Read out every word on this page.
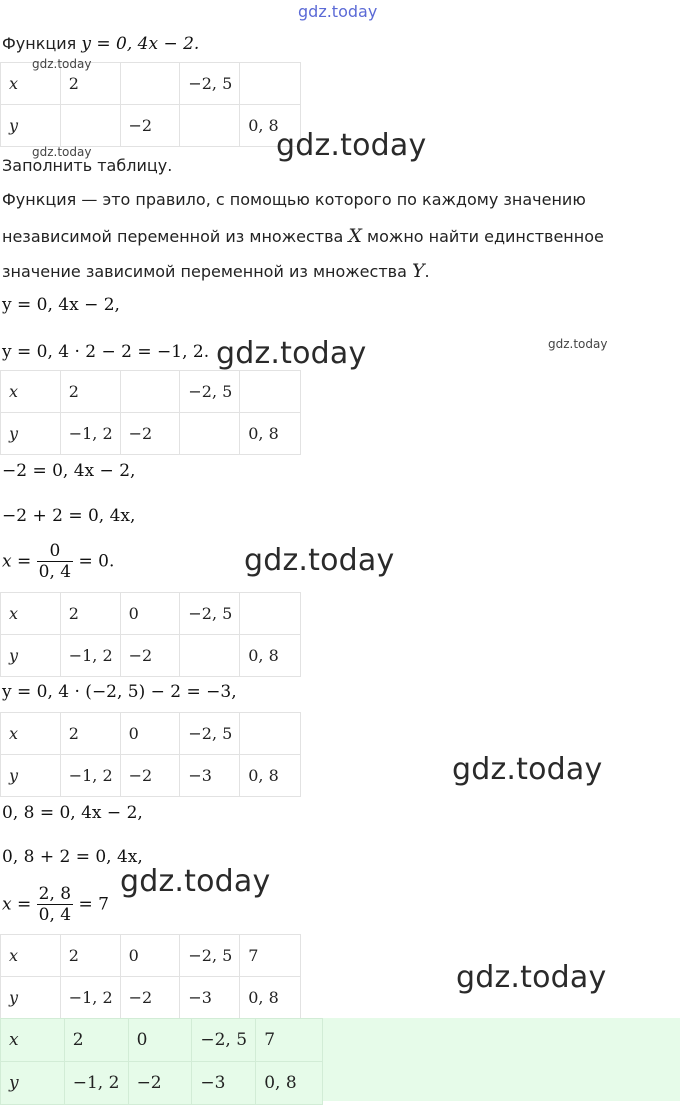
gdz.today
Функция y = 0, 4x − 2.
x	2		−2, 5	
y		−2		0, 8
gdz.today
gdz.today	gdz.today
Заполнить таблицу.
Функция — это правило, с помощью которого по каждому значению
независимой переменной из множества X можно найти единственное
значение зависимой переменной из множества Y.
y = 0, 4x − 2,
y = 0, 4 · 2 − 2 = −1, 2. gdz.today	gdz.today
x	2		−2, 5	
y	−1, 2	−2		0, 8
−2 = 0, 4x − 2,
−2 + 2 = 0, 4x,
$x = \frac{0}{0, 4} = 0$.	gdz.today
x	2	0	−2, 5	
y	−1, 2	−2		0, 8
y = 0, 4 · (−2, 5) − 2 = −3,
x	2	0	−2, 5	
y	−1, 2	−2	−3	0, 8	gdz.today
0, 8 = 0, 4x − 2,
0, 8 + 2 = 0, 4x,
$x = \frac{2, 8}{0, 4} = 7$
gdz.today
x	2	0	−2, 5	7
y	−1, 2	−2	−3	0, 8
gdz.today
x	2	0	−2, 5	7
y	−1, 2	−2	−3	0, 8
